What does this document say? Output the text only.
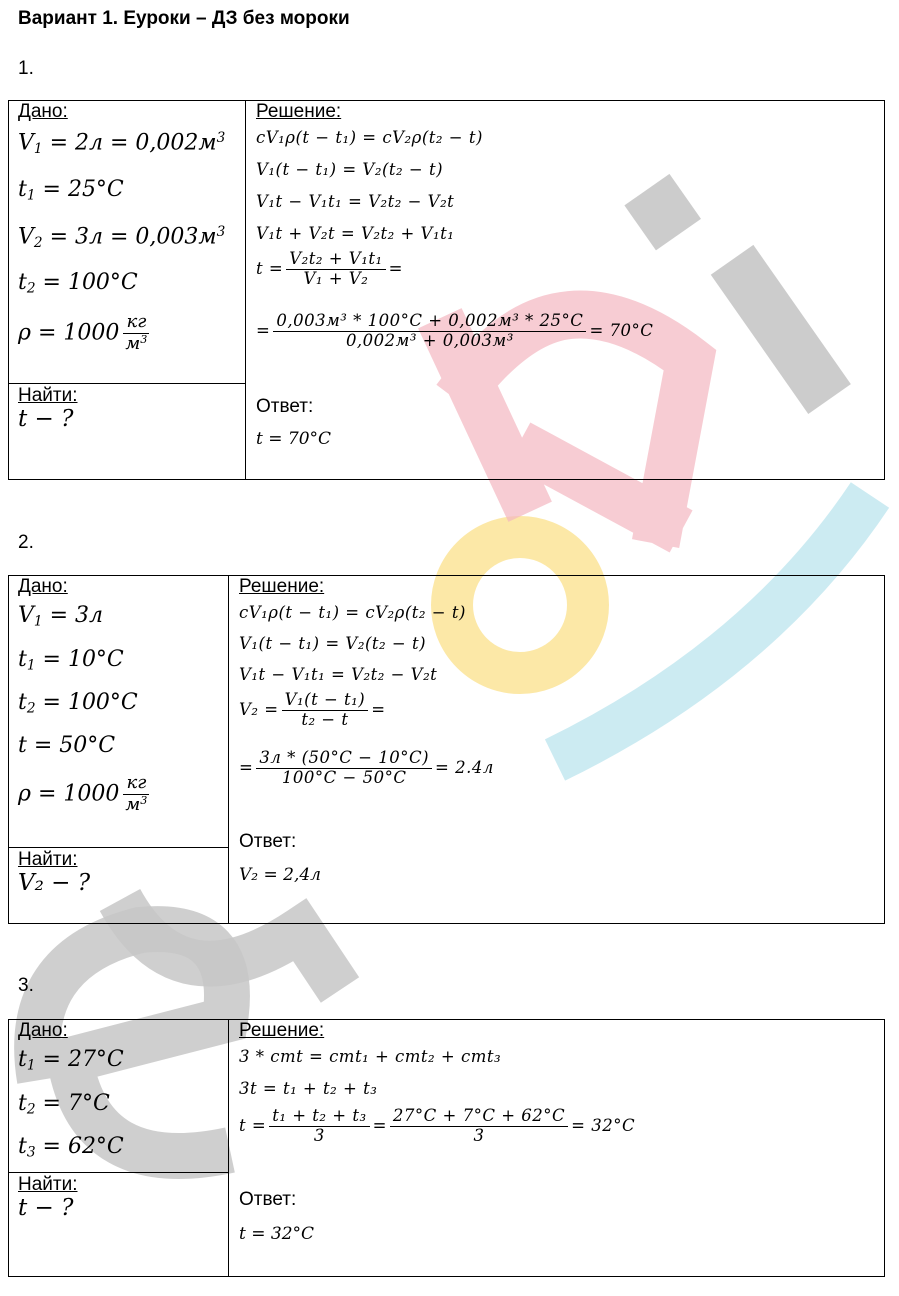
Вариант 1. Еуроки – ДЗ без мороки
1.
Дано:
$V_1 = 2л = 0,002м^3$
$t_1 = 25^\circ C$
$V_2 = 3л = 0,003м^3$
$t_2 = 100^\circ C$
$\rho = 1000 \frac{кг}{м^3}$

Решение:
cV₁ρ(t − t₁) = cV₂ρ(t₂ − t)
V₁(t − t₁) = V₂(t₂ − t)
V₁t − V₁t₁ = V₂t₂ − V₂t
V₁t + V₂t = V₂t₂ + V₁t₁
$t = \frac{\text{V₂t₂ + V₁t₁}}{\text{V₁ + V₂}}$ =
= $\frac{\text{0,003м³ * 100°C + 0,002м³ * 25°C}}{\text{0,002м³ + 0,003м³}} = 70^\circ C$
Ответ:
t = 70°C

Найти:
t − ?
2.
Дано:
$V_1 = 3л$
$t_1 = 10^\circ C$
$t_2 = 100^\circ C$
t = 50°C
$\rho = 1000 \frac{кг}{м^3}$

Решение:
cV₁ρ(t − t₁) = cV₂ρ(t₂ − t)
V₁(t − t₁) = V₂(t₂ − t)
V₁t − V₁t₁ = V₂t₂ − V₂t
$V_2 = \frac{\text{V₁(t − t₁)}}{\text{t₂ − t}}$ =
= $\frac{3л * (50^\circ C - 10^\circ C)}{100^\circ C - 50^\circ C} = 2.4л$
Ответ:
V₂ = 2,4л

Найти:
V₂ − ?
3.
Дано:
$t_1 = 27^\circ C$
$t_2 = 7^\circ C$
$t_3 = 62^\circ C$

Решение:
3 * cmt = cmt₁ + cmt₂ + cmt₃
3t = t₁ + t₂ + t₃
$t = \frac{\text{t₁ + t₂ + t₃}}{3} = \frac{27^\circ C + 7^\circ C + 62^\circ C}{3} = 32^\circ C$
Ответ:
t = 32°C

Найти:
t − ?
